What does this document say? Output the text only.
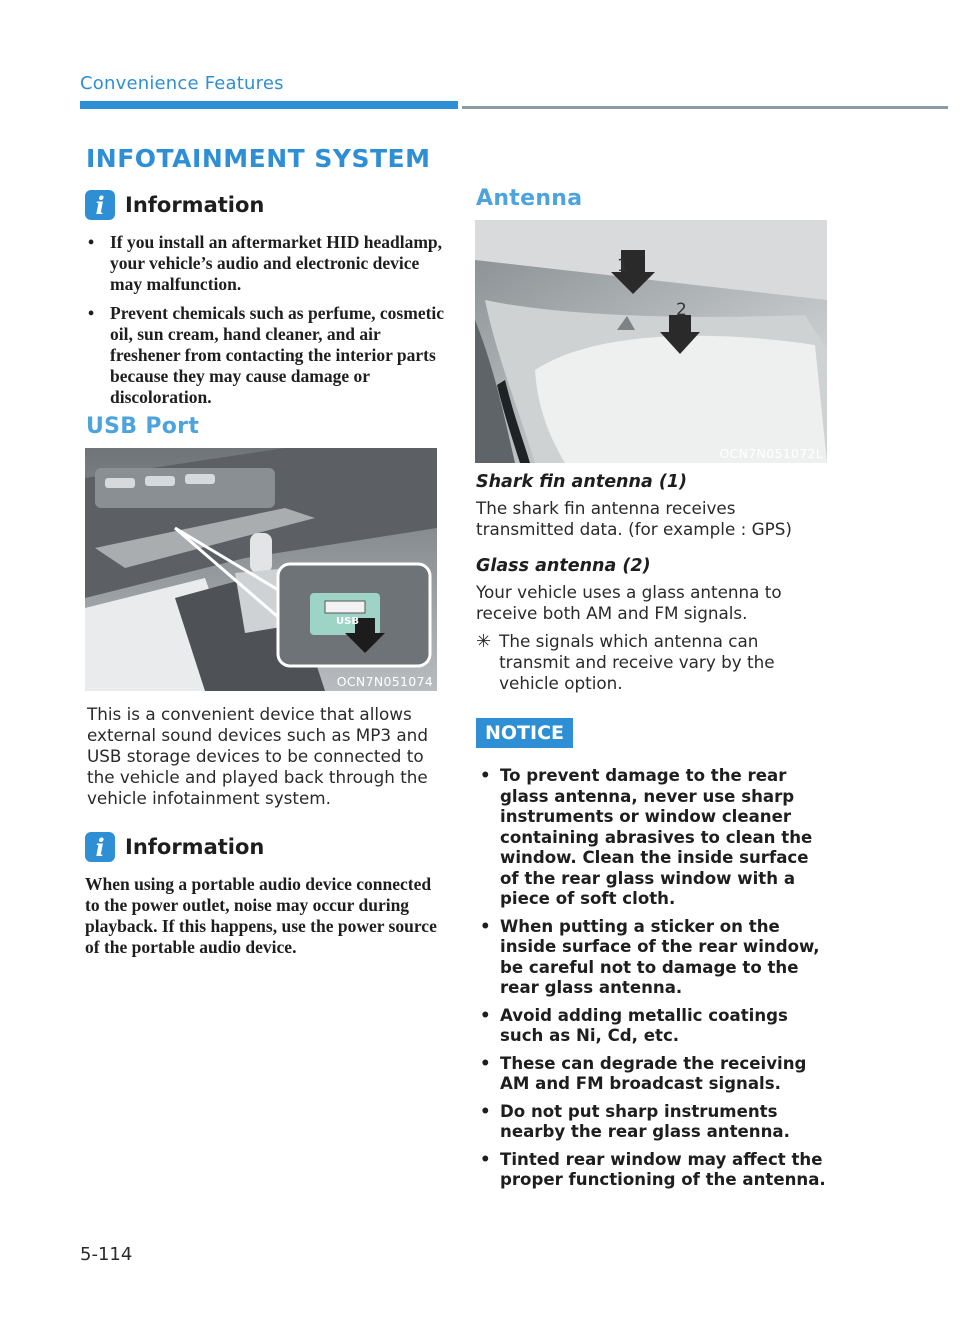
Convenience Features
INFOTAINMENT SYSTEM
i Information
• If you install an aftermarket HID headlamp, your vehicle’s audio and electronic device may malfunction.
• Prevent chemicals such as perfume, cosmetic oil, sun cream, hand cleaner, and air freshener from contacting the interior parts because they may cause damage or discoloration.
USB Port
USB
OCN7N051074
This is a convenient device that allows external sound devices such as MP3 and USB storage devices to be connected to the vehicle and played back through the vehicle infotainment system.
i Information
When using a portable audio device connected to the power outlet, noise may occur during playback. If this happens, use the power source of the portable audio device.
Antenna
1
2
OCN7N051072L
Shark fin antenna (1)
The shark fin antenna receives transmitted data. (for example : GPS)
Glass antenna (2)
Your vehicle uses a glass antenna to receive both AM and FM signals.
✳ The signals which antenna can transmit and receive vary by the vehicle option.
NOTICE
• To prevent damage to the rear glass antenna, never use sharp instruments or window cleaner containing abrasives to clean the window. Clean the inside surface of the rear glass window with a piece of soft cloth.
• When putting a sticker on the inside surface of the rear window, be careful not to damage to the rear glass antenna.
• Avoid adding metallic coatings such as Ni, Cd, etc.
• These can degrade the receiving AM and FM broadcast signals.
• Do not put sharp instruments nearby the rear glass antenna.
• Tinted rear window may affect the proper functioning of the antenna.
5-114
